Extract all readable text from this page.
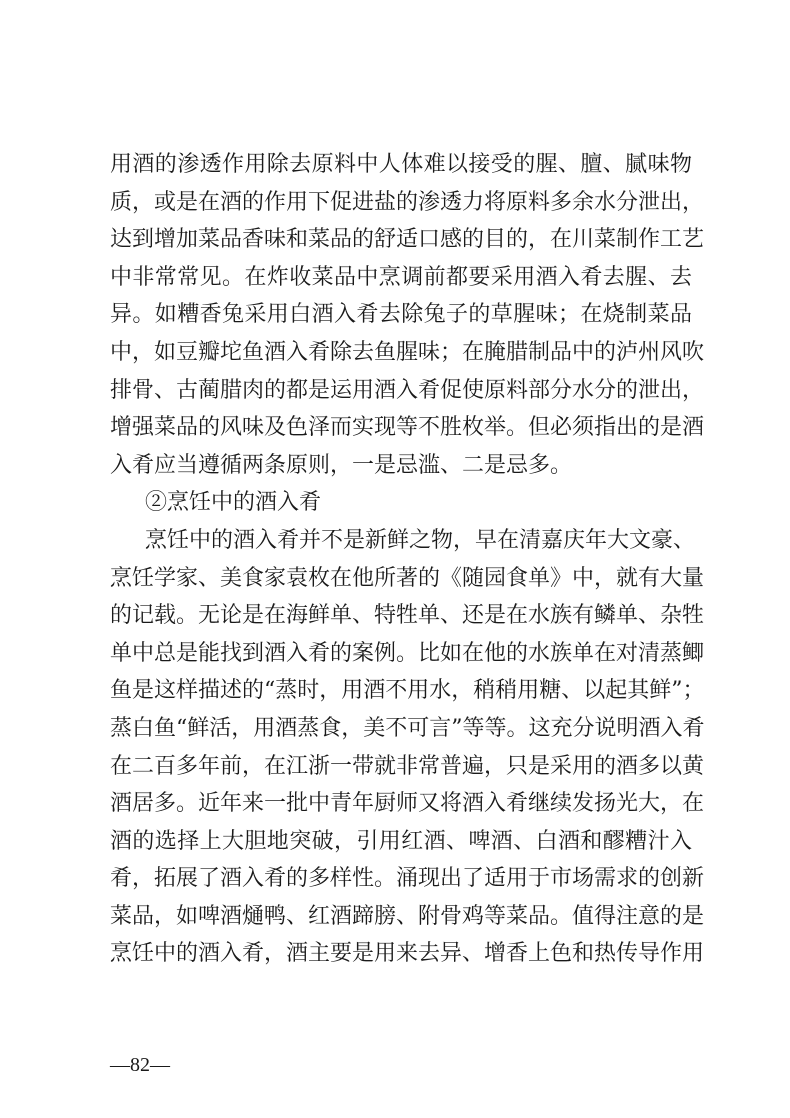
用酒的渗透作用除去原料中人体难以接受的腥、膻、腻味物
质，或是在酒的作用下促进盐的渗透力将原料多余水分泄出，
达到增加菜品香味和菜品的舒适口感的目的，在川菜制作工艺
中非常常见。在炸收菜品中烹调前都要采用酒入肴去腥、去
异。如糟香兔采用白酒入肴去除兔子的草腥味；在烧制菜品
中，如豆瓣坨鱼酒入肴除去鱼腥味；在腌腊制品中的泸州风吹
排骨、古蔺腊肉的都是运用酒入肴促使原料部分水分的泄出，
增强菜品的风味及色泽而实现等不胜枚举。但必须指出的是酒
入肴应当遵循两条原则，一是忌滥、二是忌多。
②烹饪中的酒入肴
烹饪中的酒入肴并不是新鲜之物，早在清嘉庆年大文豪、
烹饪学家、美食家袁枚在他所著的《随园食单》中，就有大量
的记载。无论是在海鲜单、特牲单、还是在水族有鳞单、杂牲
单中总是能找到酒入肴的案例。比如在他的水族单在对清蒸鲫
鱼是这样描述的“蒸时，用酒不用水，稍稍用糖、以起其鲜”；
蒸白鱼“鲜活，用酒蒸食，美不可言”等等。这充分说明酒入肴
在二百多年前，在江浙一带就非常普遍，只是采用的酒多以黄
酒居多。近年来一批中青年厨师又将酒入肴继续发扬光大，在
酒的选择上大胆地突破，引用红酒、啤酒、白酒和醪糟汁入
肴，拓展了酒入肴的多样性。涌现出了适用于市场需求的创新
菜品，如啤酒熥鸭、红酒蹄膀、附骨鸡等菜品。值得注意的是
烹饪中的酒入肴，酒主要是用来去异、增香上色和热传导作用
—82—
